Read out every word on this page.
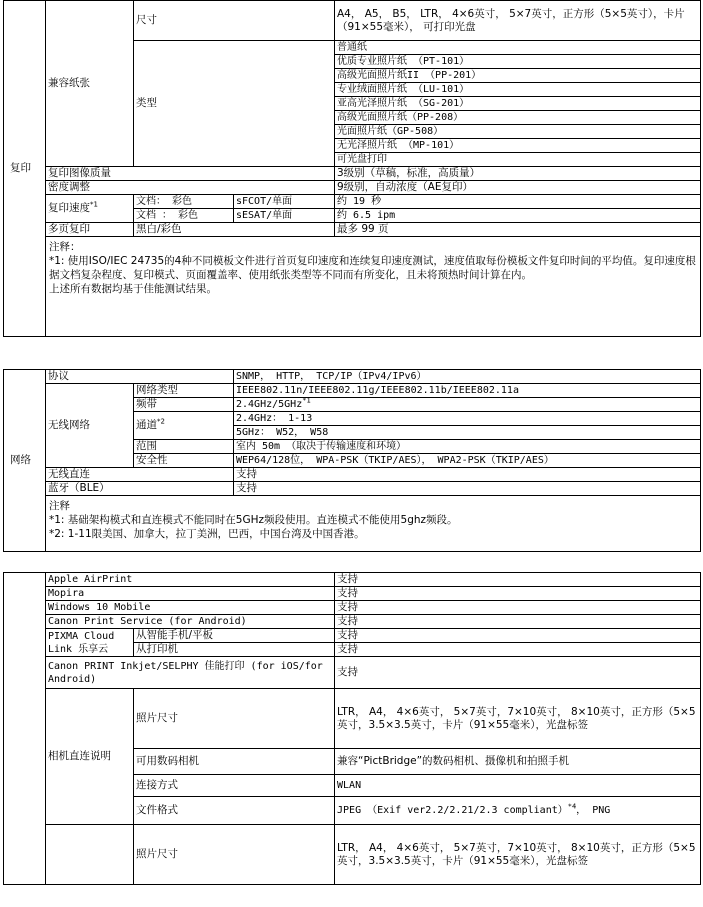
复印	兼容纸张	尺寸		A4， A5， B5， LTR， 4×6英寸， 5×7英寸，正方形（5×5英寸），卡片（91×55毫米）， 可打印光盘
		类型		普通纸
				优质专业照片纸 （PT-101）
				高级光面照片纸II （PP-201）
				专业绒面照片纸 （LU-101）
				亚高光泽照片纸 （SG-201）
				高级光面照片纸（PP-208）
				光面照片纸（GP-508）
				无光泽照片纸 （MP-101）
				可光盘打印
	复印图像质量			3级别（草稿，标准，高质量）
	密度调整			9级别，自动浓度（AE复印）
	复印速度$^{*1}$	文档： 彩色	sFCOT/单面	约 19 秒
		文档 ： 彩色	sESAT/单面	约 6.5 ipm
	多页复印	黑白/彩色		最多 99 页

	注释：
*1: 使用ISO/IEC 24735的4种不同模板文件进行首页复印速度和连续复印速度测试，速度值取每份模板文件复印时间的平均值。复印速度根据文档复杂程度、复印模式、页面覆盖率、使用纸张类型等不同而有所变化，且未将预热时间计算在内。
上述所有数据均基于佳能测试结果。			
网络	协议		SNMP， HTTP， TCP/IP（IPv4/IPv6）
	无线网络	网络类型	IEEE802.11n/IEEE802.11g/IEEE802.11b/IEEE802.11a
		频带	2.4GHz/5GHz$^{*1}$
		通道$^{*2}$	2.4GHz： 1-13
			5GHz： W52， W58
		范围	室内 50m （取决于传输速度和环境）
		安全性	WEP64/128位， WPA-PSK（TKIP/AES）， WPA2-PSK（TKIP/AES）
	无线直连		支持
	蓝牙（BLE）		支持

	注释
*1: 基础架构模式和直连模式不能同时在5GHz频段使用。直连模式不能使用5ghz频段。
*2: 1-11限美国、加拿大，拉丁美洲，巴西，中国台湾及中国香港。		
	Apple AirPrint		支持
	Mopira		支持
	Windows 10 Mobile		支持
	Canon Print Service (for Android)		支持
	PIXMA Cloud Link 乐享云	从智能手机/平板	支持
		从打印机	支持
	Canon PRINT Inkjet/SELPHY 佳能打印 (for iOS/for Android)		支持
	相机直连说明	照片尺寸	LTR， A4， 4×6英寸， 5×7英寸，7×10英寸， 8×10英寸，正方形（5×5英寸，3.5×3.5英寸，卡片（91×55毫米），光盘标签
		可用数码相机	兼容“PictBridge”的数码相机、摄像机和拍照手机
		连接方式	WLAN
		文件格式	JPEG （Exif ver2.2/2.21/2.3 compliant）$^{*4}$， PNG
		照片尺寸	LTR， A4， 4×6英寸， 5×7英寸，7×10英寸， 8×10英寸，正方形（5×5英寸，3.5×3.5英寸，卡片（91×55毫米），光盘标签
